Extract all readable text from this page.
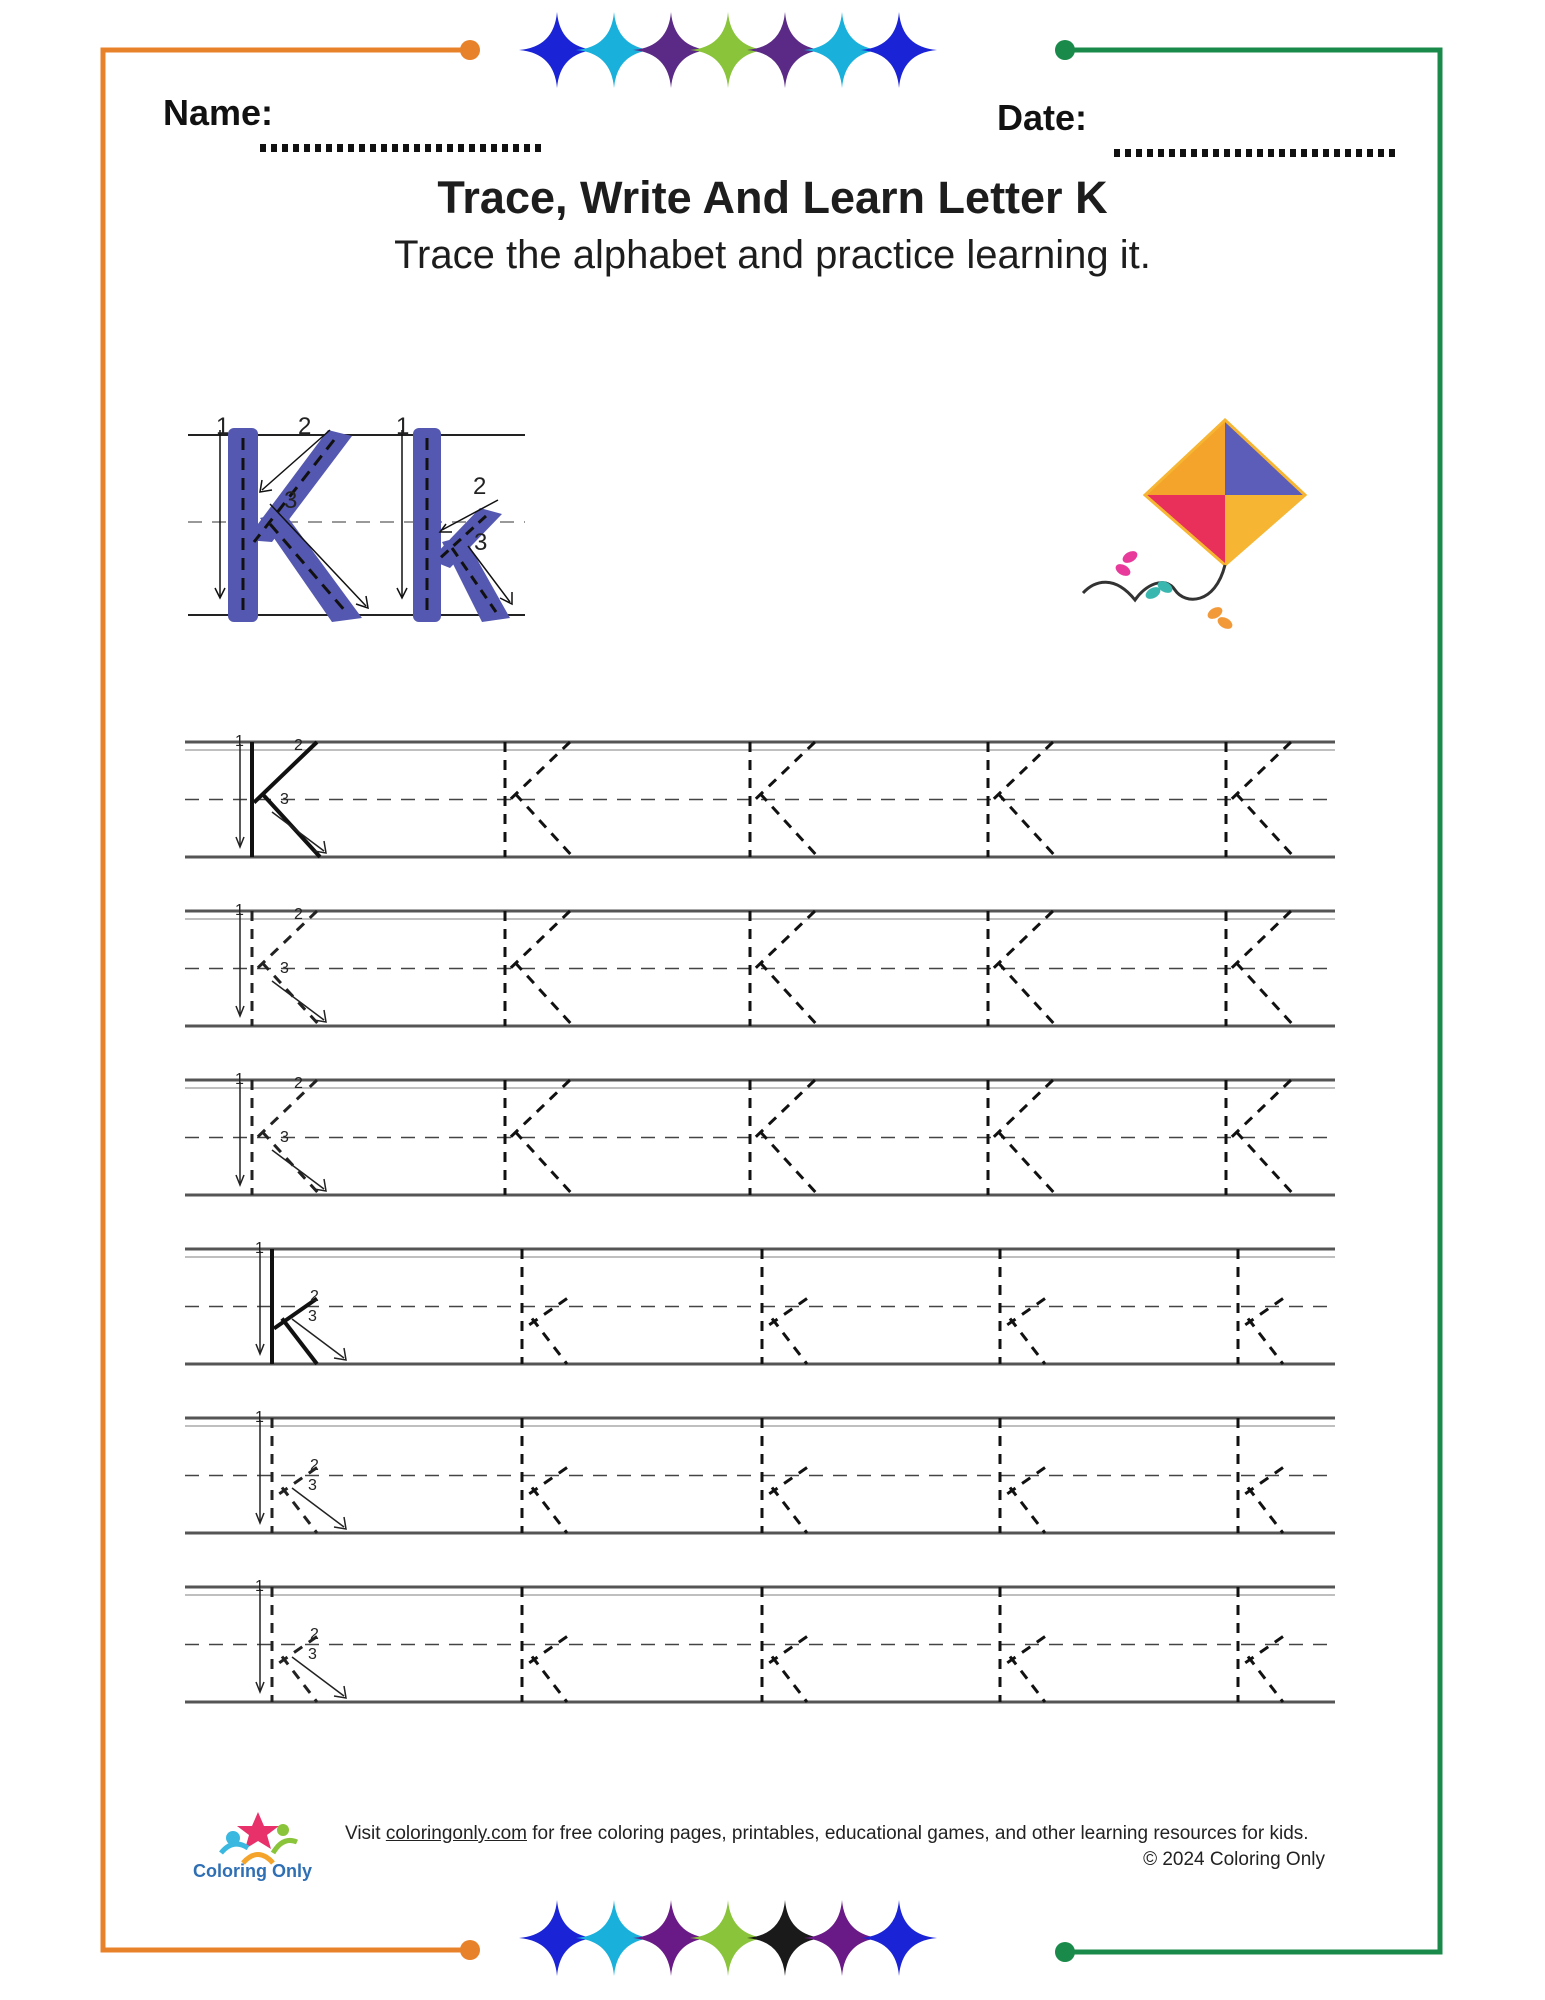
Name:	Date:
Trace, Write And Learn Letter K
Trace the alphabet and practice learning it.
1	2
3
1
2
3
1	2
3
1	2
3
1	2
3
1
2
3
1
2
3
1
2
3
Coloring Only
Visit coloringonly.com for free coloring pages, printables, educational games, and other learning resources for kids.
© 2024 Coloring Only
